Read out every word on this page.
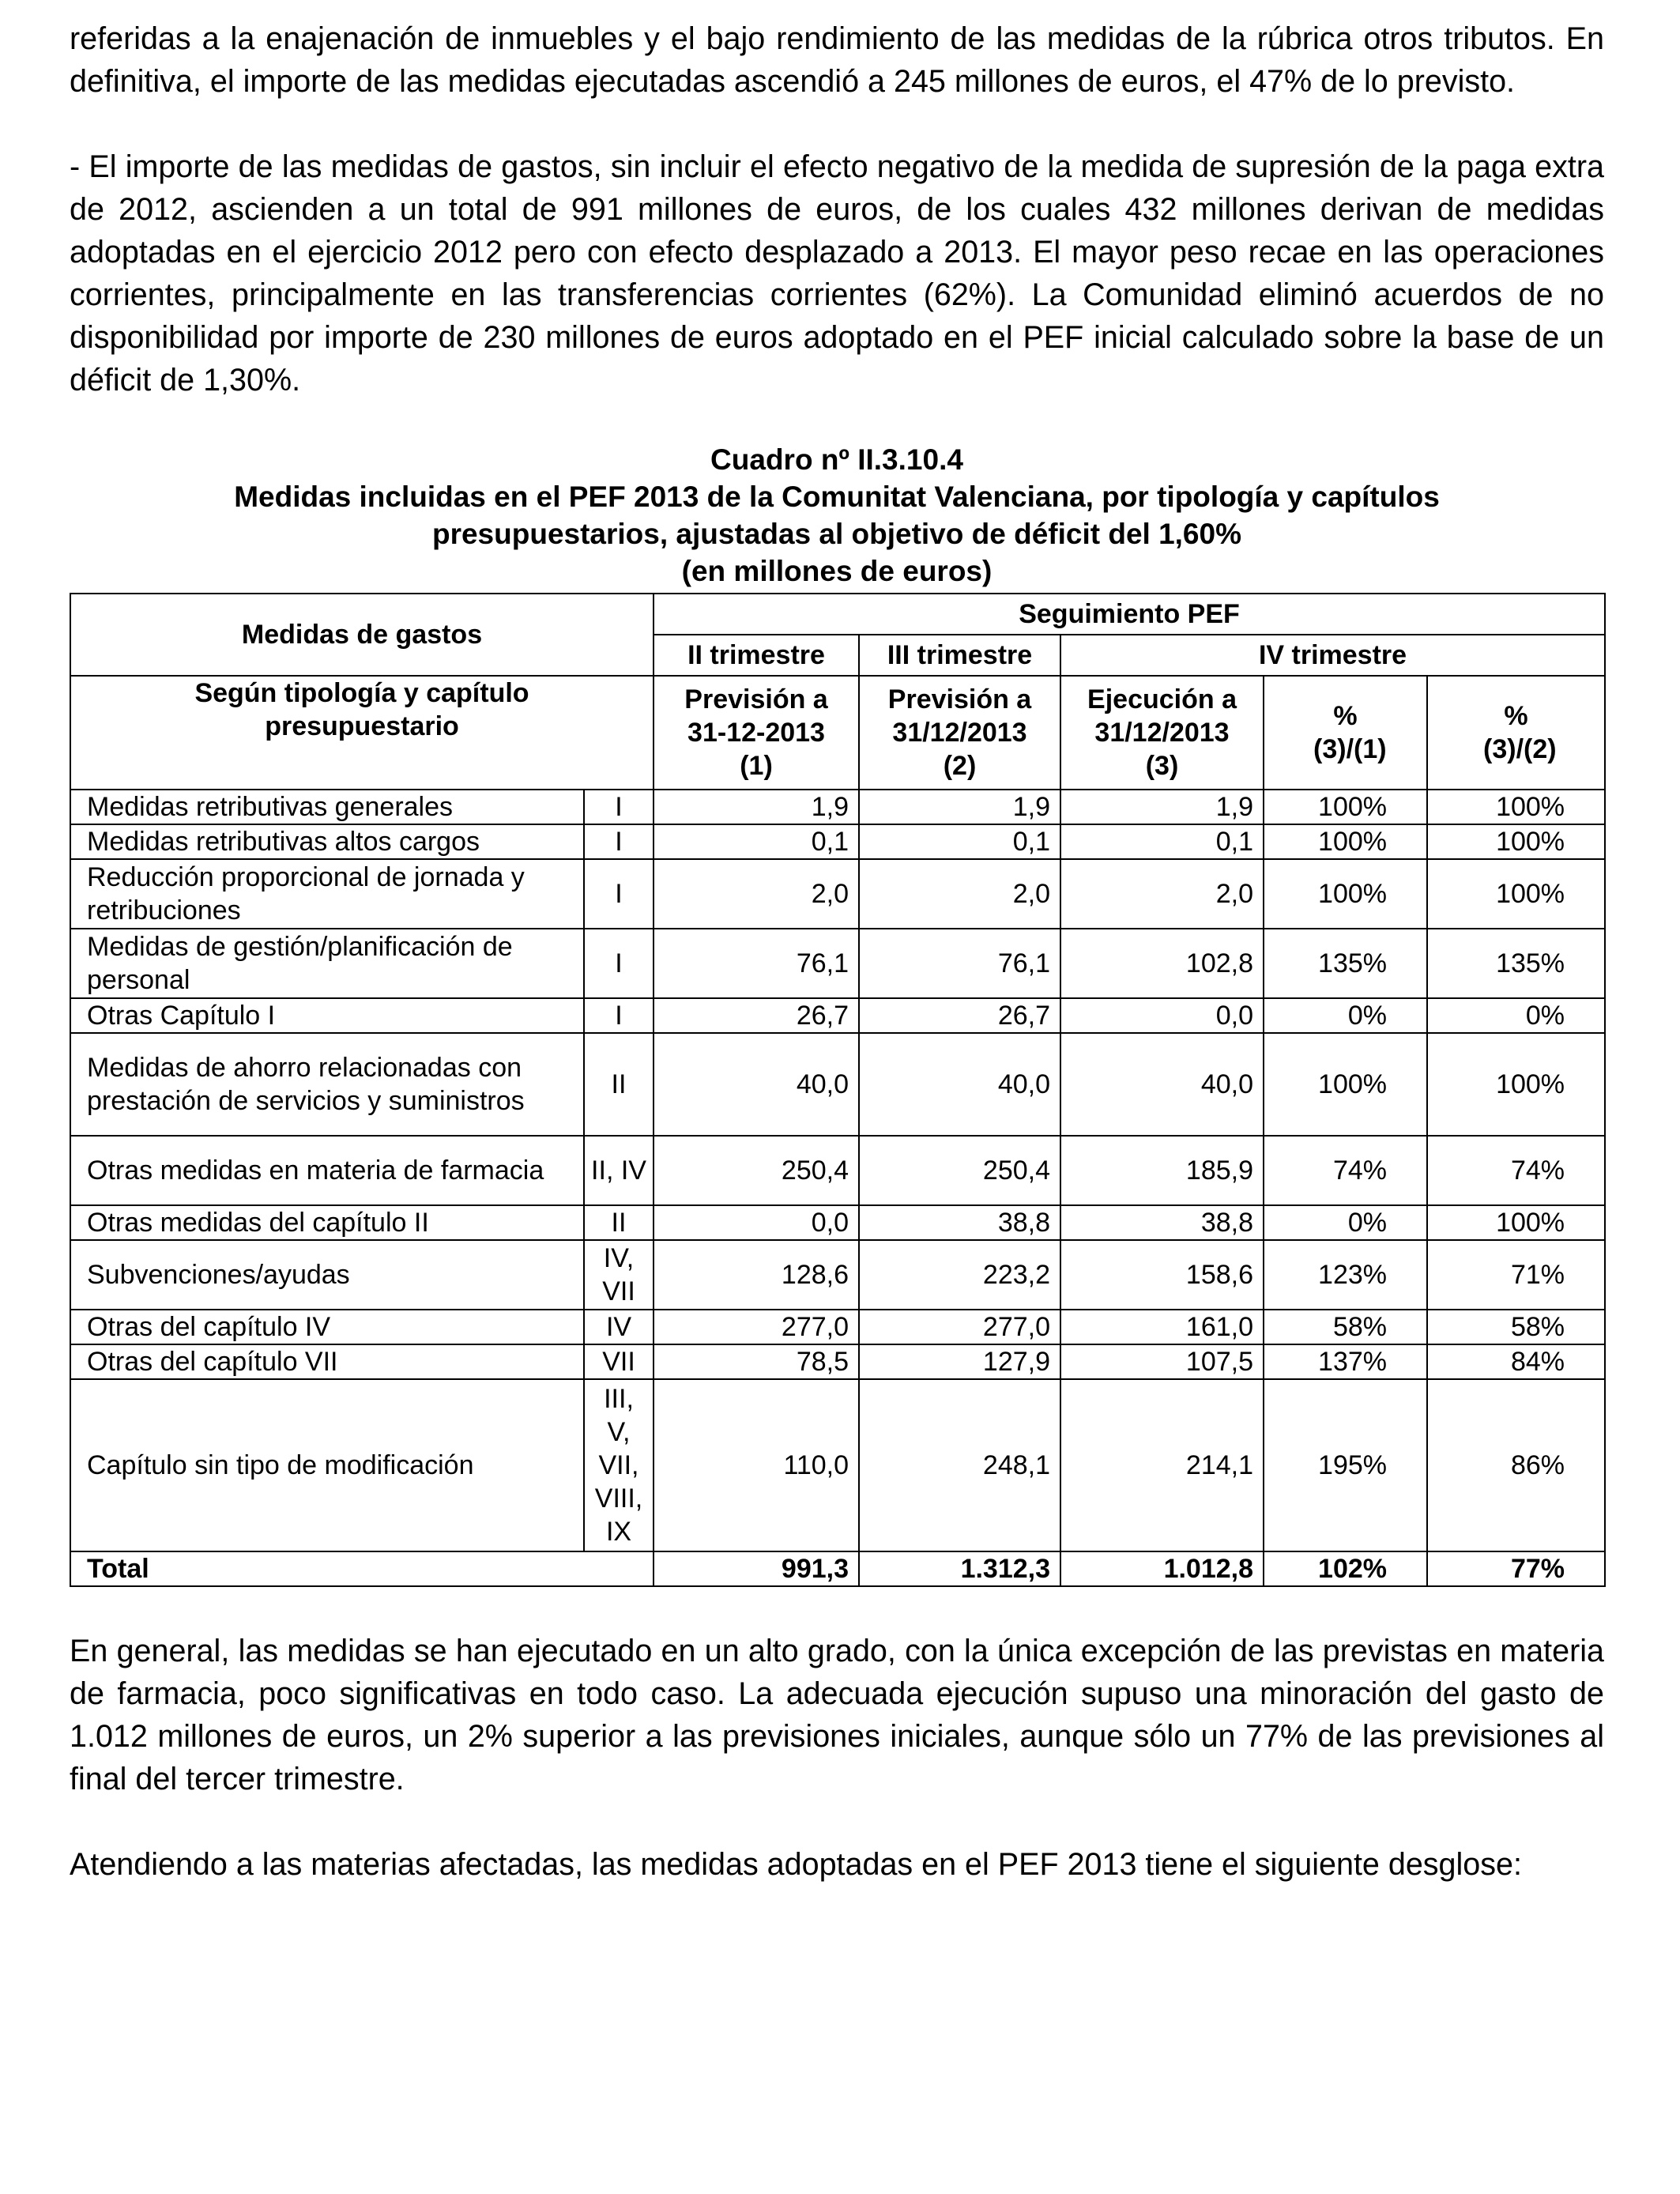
referidas a la enajenación de inmuebles y el bajo rendimiento de las medidas de la rúbrica otros tributos. En definitiva, el importe de las medidas ejecutadas ascendió a 245 millones de euros, el 47% de lo previsto.

- El importe de las medidas de gastos, sin incluir el efecto negativo de la medida de supresión de la paga extra de 2012, ascienden a un total de 991 millones de euros, de los cuales 432 millones derivan de medidas adoptadas en el ejercicio 2012 pero con efecto desplazado a 2013. El mayor peso recae en las operaciones corrientes, principalmente en las transferencias corrientes (62%). La Comunidad eliminó acuerdos de no disponibilidad por importe de 230 millones de euros adoptado en el PEF inicial calculado sobre la base de un déficit de 1,30%.

Cuadro nº II.3.10.4
Medidas incluidas en el PEF 2013 de la Comunitat Valenciana, por tipología y capítulos
presupuestarios, ajustadas al objetivo de déficit del 1,60%
(en millones de euros)
Medidas de gastos		Seguimiento PEF				
		II trimestre	III trimestre	IV trimestre		
Según tipología y capítulo presupuestario		Previsión a 31-12-2013 (1)	Previsión a 31/12/2013 (2)	Ejecución a 31/12/2013 (3)	% (3)/(1)	% (3)/(2)
Medidas retributivas generales	I	1,9	1,9	1,9	100%	100%
Medidas retributivas altos cargos	I	0,1	0,1	0,1	100%	100%
Reducción proporcional de jornada y retribuciones	I	2,0	2,0	2,0	100%	100%
Medidas de gestión/planificación de personal	I	76,1	76,1	102,8	135%	135%
Otras Capítulo I	I	26,7	26,7	0,0	0%	0%
Medidas de ahorro relacionadas con prestación de servicios y suministros	II	40,0	40,0	40,0	100%	100%
Otras medidas en materia de farmacia	II, IV	250,4	250,4	185,9	74%	74%
Otras medidas del capítulo II	II	0,0	38,8	38,8	0%	100%
Subvenciones/ayudas	IV, VII	128,6	223,2	158,6	123%	71%
Otras del capítulo IV	IV	277,0	277,0	161,0	58%	58%
Otras del capítulo VII	VII	78,5	127,9	107,5	137%	84%
Capítulo sin tipo de modificación	III, V, VII, VIII, IX	110,0	248,1	214,1	195%	86%
Total		991,3	1.312,3	1.012,8	102%	77%

En general, las medidas se han ejecutado en un alto grado, con la única excepción de las previstas en materia de farmacia, poco significativas en todo caso. La adecuada ejecución supuso una minoración del gasto de 1.012 millones de euros, un 2% superior a las previsiones iniciales, aunque sólo un 77% de las previsiones al final del tercer trimestre.

Atendiendo a las materias afectadas, las medidas adoptadas en el PEF 2013 tiene el siguiente desglose:
